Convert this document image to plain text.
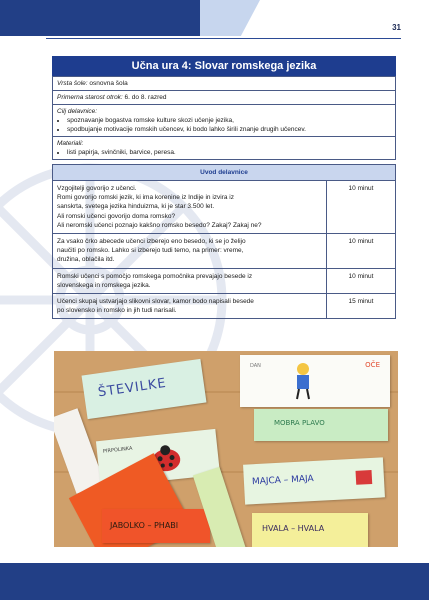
31
Učna ura 4: Slovar romskega jezika
Vrsta šole: osnovna šola
Primerna starost otrok: 6. do 8. razred
Cilj delavnice:
• spoznavanje bogastva romske kulture skozi učenje jezika,
• spodbujanje motivacije romskih učencev, ki bodo lahko širili znanje drugih učencev.
Materiali:
• listi papirja, svinčniki, barvice, peresa.
Uvod delavnice
Vzgojitelji govorijo z učenci.
Romi govorijo romski jezik, ki ima korenine iz Indije in izvira iz
sanskrta, svetega jezika hinduizma, ki je star 3.500 let.
Ali romski učenci govorijo doma romsko?
Ali neromski učenci poznajo kakšno romsko besedo? Zakaj? Zakaj ne?
10 minut
Za vsako črko abecede učenci izberejo eno besedo, ki se jo želijo
naučiti po romsko. Lahko si izberejo tudi temo, na primer: vreme,
družina, oblačila itd.
10 minut
Romski učenci s pomočjo romskega pomočnika prevajajo besede iz
slovenskega in romskega jezika.
10 minut
Učenci skupaj ustvarjajo slikovni slovar, kamor bodo napisali besede
po slovensko in romsko in jih tudi narisali.
15 minut
ŠTEVILKE
PIRPOLINKA
JABOLKO – PHABI
DAN	OČE
MOBRA PLAVO
MAJCA – MAJA
HVALA – HVALA
